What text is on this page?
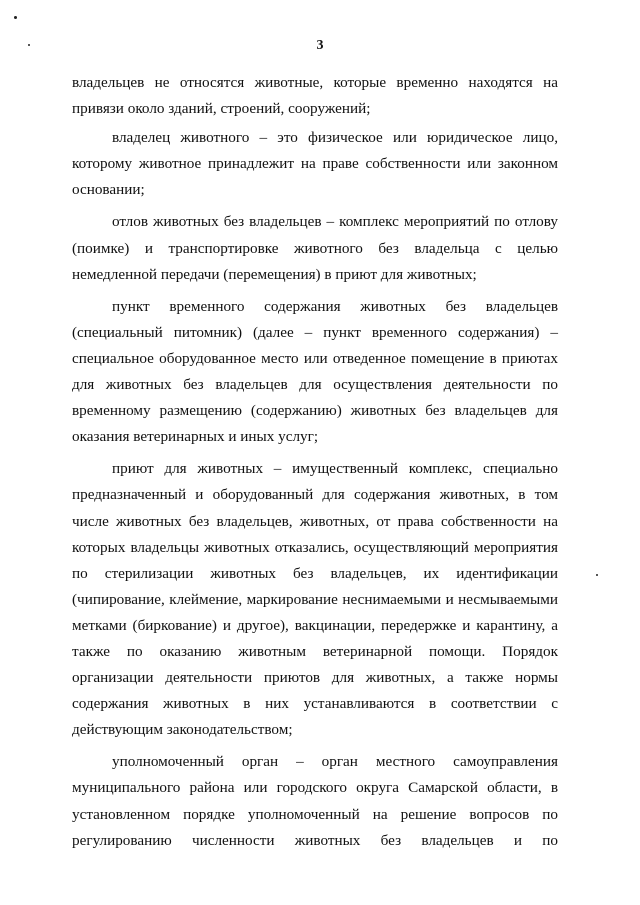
3
владельцев не относятся животные, которые временно находятся на
привязи около зданий, строений, сооружений;
владелец животного – это физическое или юридическое лицо,
которому животное принадлежит на праве собственности или законном
основании;
отлов животных без владельцев – комплекс мероприятий по отлову
(поимке) и транспортировке животного без владельца с целью
немедленной передачи (перемещения) в приют для животных;
пункт временного содержания животных без владельцев
(специальный питомник) (далее – пункт временного содержания) –
специальное оборудованное место или отведенное помещение в приютах
для животных без владельцев для осуществления деятельности по
временному размещению (содержанию) животных без владельцев для
оказания ветеринарных и иных услуг;
приют для животных – имущественный комплекс, специально
предназначенный и оборудованный для содержания животных, в том
числе животных без владельцев, животных, от права собственности на
которых владельцы животных отказались, осуществляющий мероприятия
по стерилизации животных без владельцев, их идентификации
(чипирование, клеймение, маркирование неснимаемыми и несмываемыми
метками (биркование) и другое), вакцинации, передержке и карантину, а
также по оказанию животным ветеринарной помощи. Порядок
организации деятельности приютов для животных, а также нормы
содержания животных в них устанавливаются в соответствии с
действующим законодательством;
уполномоченный орган – орган местного самоуправления
муниципального района или городского округа Самарской области, в
установленном порядке уполномоченный на решение вопросов по
регулированию численности животных без владельцев и по
